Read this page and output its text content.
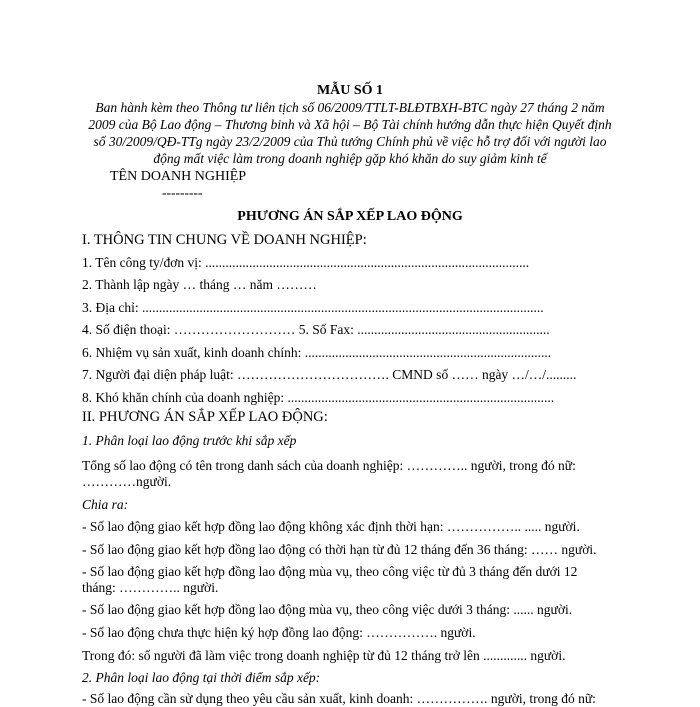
MẪU SỐ 1

Ban hành kèm theo Thông tư liên tịch số 06/2009/TTLT-BLĐTBXH-BTC ngày 27 tháng 2 năm

2009 của Bộ Lao động – Thương binh và Xã hội – Bộ Tài chính hướng dẫn thực hiện Quyết định

số 30/2009/QĐ-TTg ngày 23/2/2009 của Thủ tướng Chính phủ về việc hỗ trợ đối với người lao

động mất việc làm trong doanh nghiệp gặp khó khăn do suy giảm kinh tế

TÊN DOANH NGHIỆP

---------

PHƯƠNG ÁN SẮP XẾP LAO ĐỘNG

I. THÔNG TIN CHUNG VỀ DOANH NGHIỆP:

1. Tên công ty/đơn vị: ................................................................................................

2. Thành lập ngày … tháng … năm ………

3. Địa chỉ: .......................................................................................................................

4. Số điện thoại: ……………………… 5. Số Fax: .........................................................

6. Nhiệm vụ sản xuất, kinh doanh chính: .........................................................................

7. Người đại diện pháp luật: ……………………………. CMND số …… ngày …/…/.........

8. Khó khăn chính của doanh nghiệp: ...............................................................................

II. PHƯƠNG ÁN SẮP XẾP LAO ĐỘNG:

1. Phân loại lao động trước khi sắp xếp

Tổng số lao động có tên trong danh sách của doanh nghiệp: ………….. người, trong đó nữ:

…………người.

Chia ra:

- Số lao động giao kết hợp đồng lao động không xác định thời hạn: …………….. ..... người.

- Số lao động giao kết hợp đồng lao động có thời hạn từ đủ 12 tháng đến 36 tháng: …… người.

- Số lao động giao kết hợp đồng lao động mùa vụ, theo công việc từ đủ 3 tháng đến dưới 12

tháng: ………….. người.

- Số lao động giao kết hợp đồng lao động mùa vụ, theo công việc dưới 3 tháng: ...... người.

- Số lao động chưa thực hiện ký hợp đồng lao động: ……………. người.

Trong đó: số người đã làm việc trong doanh nghiệp từ đủ 12 tháng trở lên ............. người.

2. Phân loại lao động tại thời điểm sắp xếp:

- Số lao động cần sử dụng theo yêu cầu sản xuất, kinh doanh: ……………. người, trong đó nữ:
